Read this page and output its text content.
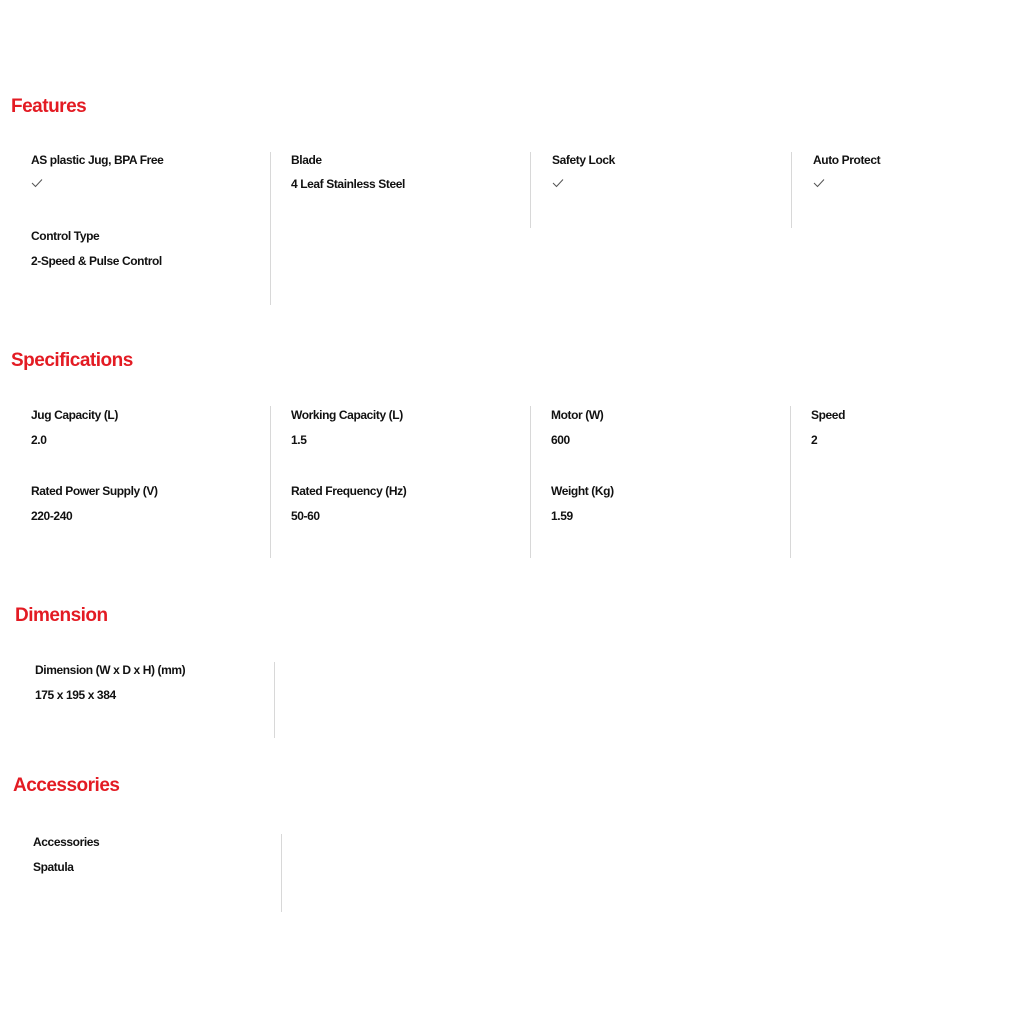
Features
AS plastic Jug, BPA Free	Blade
4 Leaf Stainless Steel
Safety Lock	Auto Protect
Control Type
2-Speed & Pulse Control
Specifications
Jug Capacity (L)
2.0
Working Capacity (L)
1.5
Motor (W)
600
Speed
2
Rated Power Supply (V)
220-240
Rated Frequency (Hz)
50-60
Weight (Kg)
1.59
Dimension
Dimension (W x D x H) (mm)
175 x 195 x 384
Accessories
Accessories
Spatula
